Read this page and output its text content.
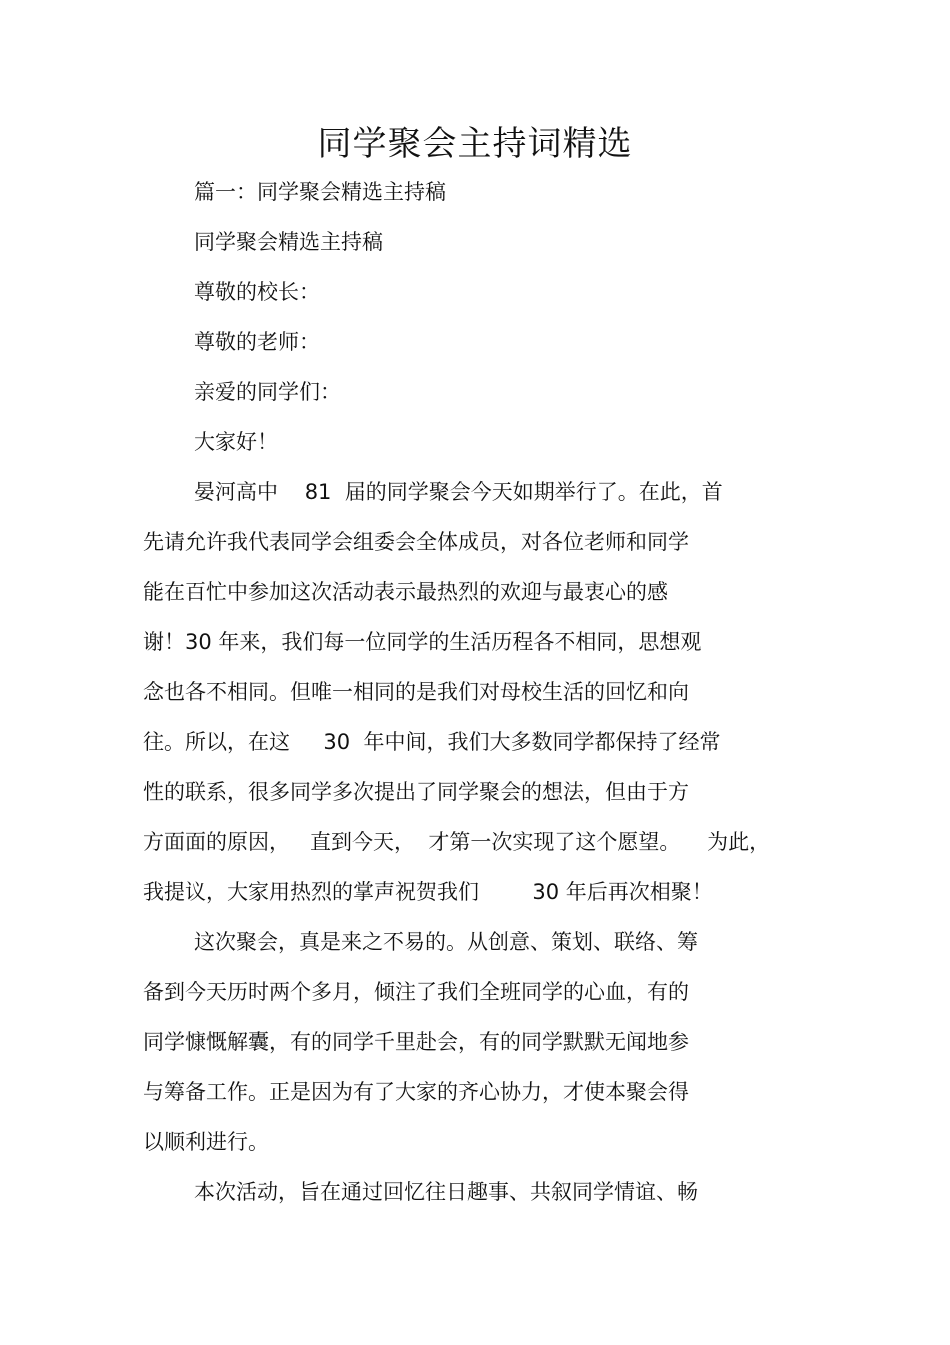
同学聚会主持词精选

篇一：同学聚会精选主持稿

同学聚会精选主持稿

尊敬的校长：

尊敬的老师：

亲爱的同学们：

大家好！

晏河高中    81  届的同学聚会今天如期举行了。在此，首

先请允许我代表同学会组委会全体成员，对各位老师和同学

能在百忙中参加这次活动表示最热烈的欢迎与最衷心的感

谢！30 年来，我们每一位同学的生活历程各不相同，思想观

念也各不相同。但唯一相同的是我们对母校生活的回忆和向

往。所以，在这     30  年中间，我们大多数同学都保持了经常

性的联系，很多同学多次提出了同学聚会的想法，但由于方

方面面的原因，   直到今天，  才第一次实现了这个愿望。    为此，

我提议，大家用热烈的掌声祝贺我们        30 年后再次相聚！

这次聚会，真是来之不易的。从创意、策划、联络、筹

备到今天历时两个多月，倾注了我们全班同学的心血，有的

同学慷慨解囊，有的同学千里赴会，有的同学默默无闻地参

与筹备工作。正是因为有了大家的齐心协力，才使本聚会得

以顺利进行。

本次活动，旨在通过回忆往日趣事、共叙同学情谊、畅
